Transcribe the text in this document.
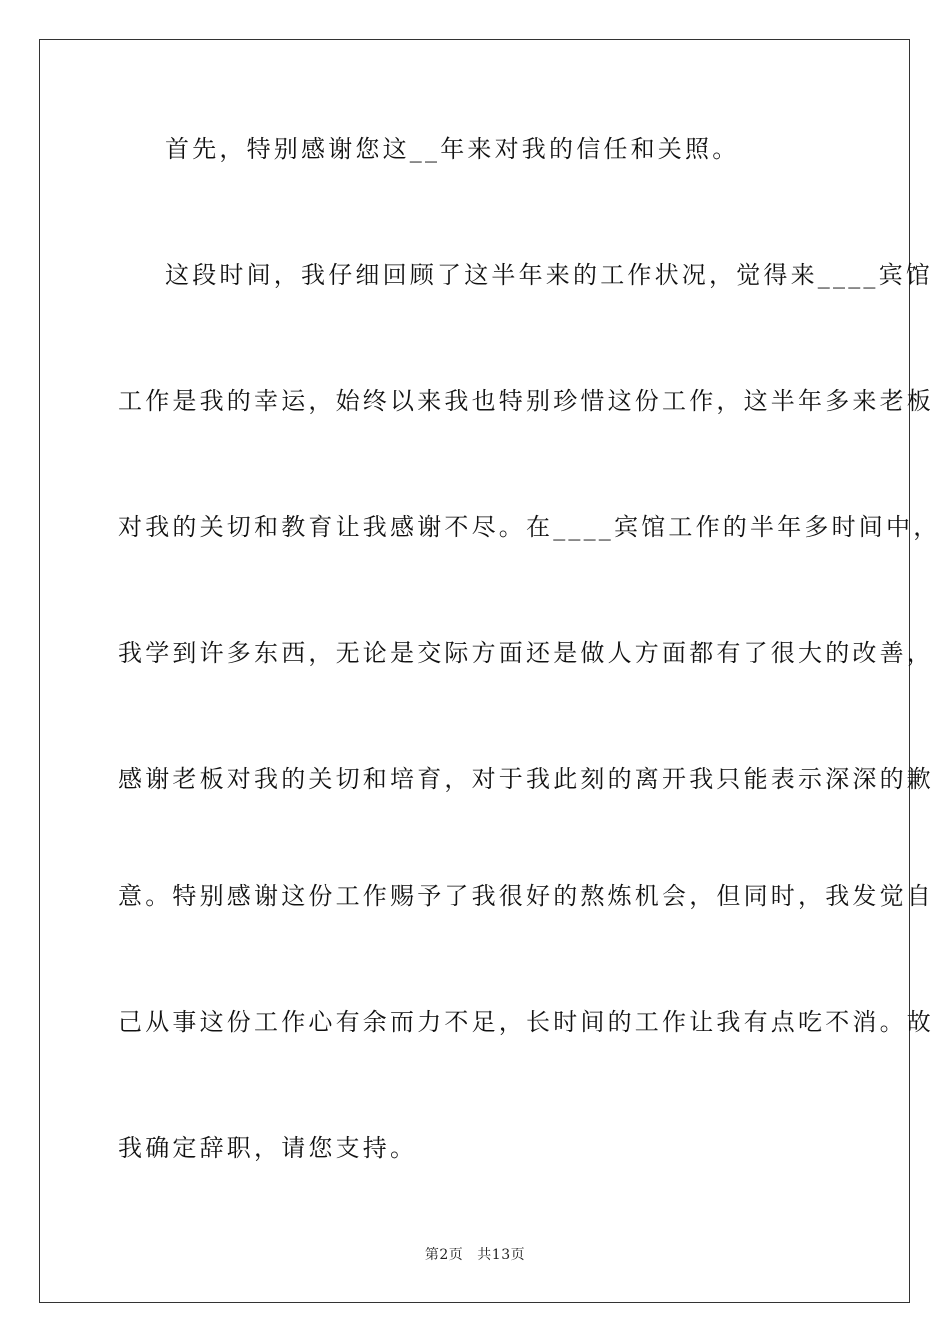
首先，特别感谢您这__年来对我的信任和关照。
这段时间，我仔细回顾了这半年来的工作状况，觉得来____宾馆
工作是我的幸运，始终以来我也特别珍惜这份工作，这半年多来老板
对我的关切和教育让我感谢不尽。在____宾馆工作的半年多时间中，
我学到许多东西，无论是交际方面还是做人方面都有了很大的改善，
感谢老板对我的关切和培育，对于我此刻的离开我只能表示深深的歉
意。特别感谢这份工作赐予了我很好的熬炼机会，但同时，我发觉自
己从事这份工作心有余而力不足，长时间的工作让我有点吃不消。故
我确定辞职，请您支持。
第2页 共13页
